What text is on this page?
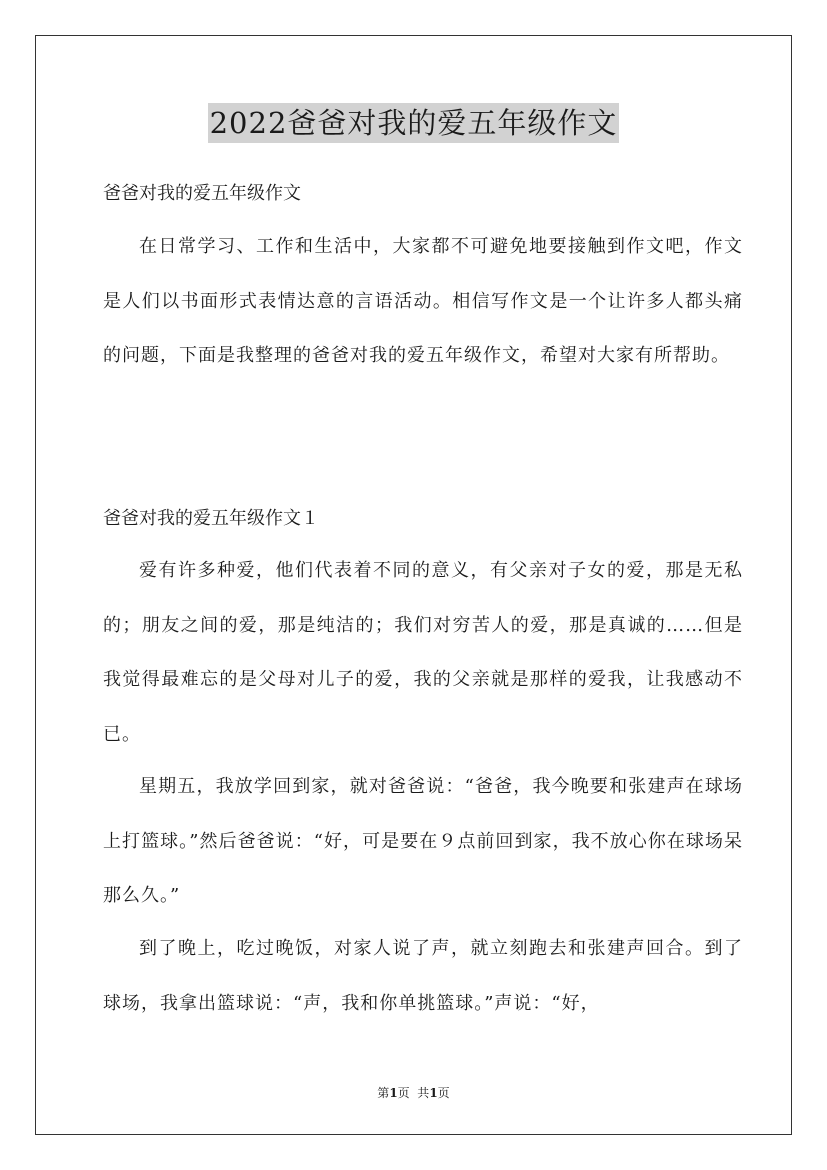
2022爸爸对我的爱五年级作文
爸爸对我的爱五年级作文

在日常学习、工作和生活中，大家都不可避免地要接触到作文吧，作文是人们以书面形式表情达意的言语活动。相信写作文是一个让许多人都头痛的问题，下面是我整理的爸爸对我的爱五年级作文，希望对大家有所帮助。

爸爸对我的爱五年级作文１

爱有许多种爱，他们代表着不同的意义，有父亲对子女的爱，那是无私的；朋友之间的爱，那是纯洁的；我们对穷苦人的爱，那是真诚的……但是我觉得最难忘的是父母对儿子的爱，我的父亲就是那样的爱我，让我感动不已。

星期五，我放学回到家，就对爸爸说：“爸爸，我今晚要和张建声在球场上打篮球。”然后爸爸说：“好，可是要在９点前回到家，我不放心你在球场呆那么久。”

到了晚上，吃过晚饭，对家人说了声，就立刻跑去和张建声回合。到了球场，我拿出篮球说：“声，我和你单挑篮球。”声说：“好，

第1页  共1页
